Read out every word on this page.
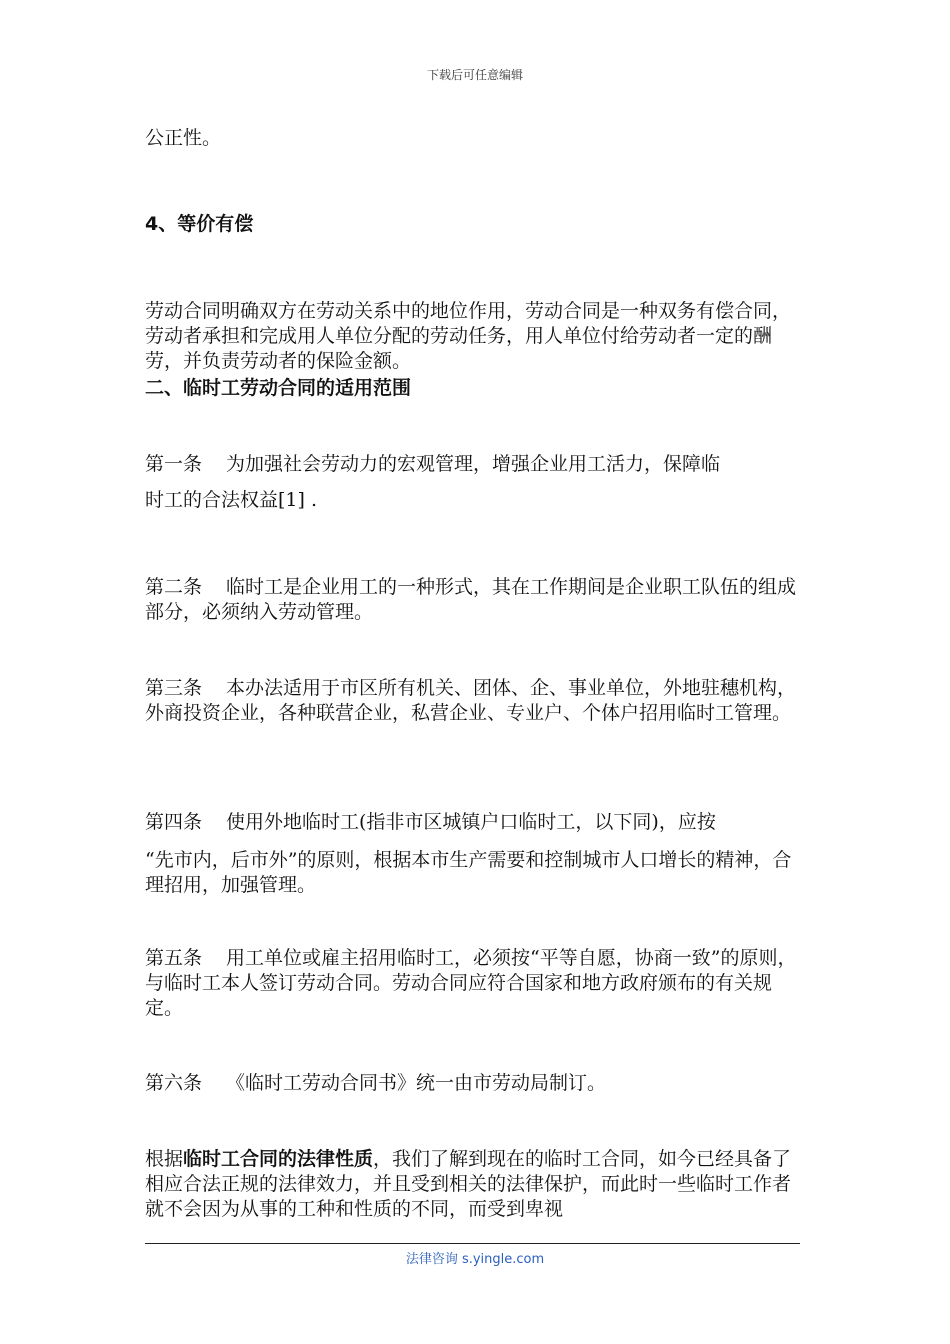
下载后可任意编辑

公正性。

4、等价有偿

劳动合同明确双方在劳动关系中的地位作用，劳动合同是一种双务有偿合同，劳动者承担和完成用人单位分配的劳动任务，用人单位付给劳动者一定的酬劳，并负责劳动者的保险金额。

二、临时工劳动合同的适用范围

第一条 为加强社会劳动力的宏观管理，增强企业用工活力，保障临

时工的合法权益[1] .

第二条 临时工是企业用工的一种形式，其在工作期间是企业职工队伍的组成部分，必须纳入劳动管理。

第三条 本办法适用于市区所有机关、团体、企、事业单位，外地驻穗机构，外商投资企业，各种联营企业，私营企业、专业户、个体户招用临时工管理。

第四条 使用外地临时工(指非市区城镇户口临时工，以下同)，应按

“先市内，后市外”的原则，根据本市生产需要和控制城市人口增长的精神，合理招用，加强管理。

第五条 用工单位或雇主招用临时工，必须按“平等自愿，协商一致”的原则，与临时工本人签订劳动合同。劳动合同应符合国家和地方政府颁布的有关规定。

第六条 《临时工劳动合同书》统一由市劳动局制订。

根据临时工合同的法律性质，我们了解到现在的临时工合同，如今已经具备了相应合法正规的法律效力，并且受到相关的法律保护，而此时一些临时工作者就不会因为从事的工种和性质的不同，而受到卑视

法律咨询 s.yingle.com
